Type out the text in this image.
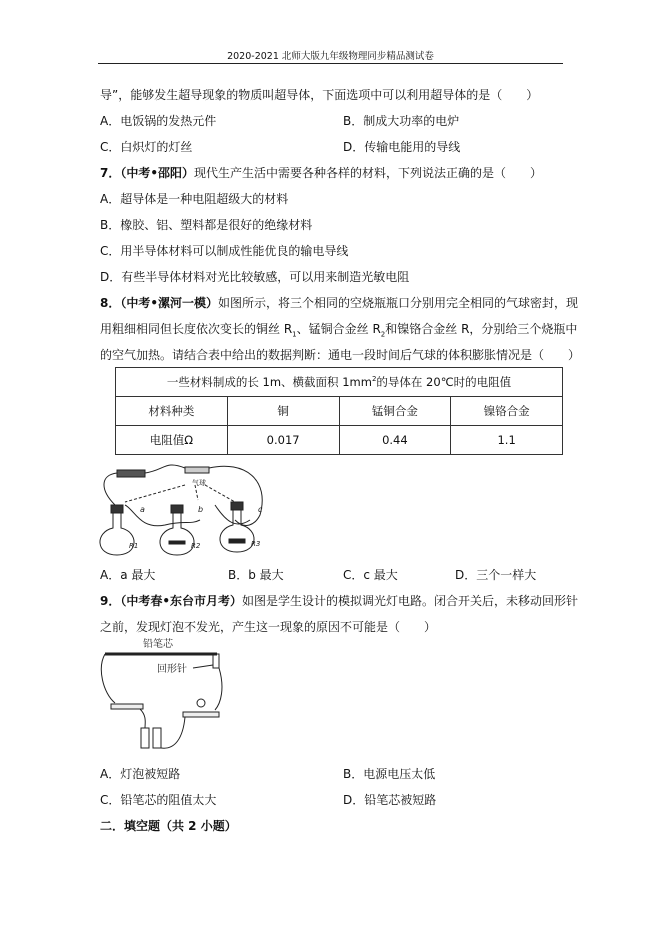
2020-2021 北师大版九年级物理同步精品测试卷
导”，能够发生超导现象的物质叫超导体，下面选项中可以利用超导体的是（　　）
A．电饭锅的发热元件	B．制成大功率的电炉
C．白炽灯的灯丝	D．传输电能用的导线
7．（中考•邵阳）现代生产生活中需要各种各样的材料，下列说法正确的是（　　）
A．超导体是一种电阻超级大的材料
B．橡胶、铝、塑料都是很好的绝缘材料
C．用半导体材料可以制成性能优良的输电导线
D．有些半导体材料对光比较敏感，可以用来制造光敏电阻
8．（中考•漯河一模）如图所示，将三个相同的空烧瓶瓶口分别用完全相同的气球密封，现
用粗细相同但长度依次变长的铜丝 $R_1$、锰铜合金丝 $R_2$和镍铬合金丝 R，分别给三个烧瓶中
的空气加热。请结合表中给出的数据判断：通电一段时间后气球的体积膨胀情况是（　　）
一些材料制成的长 1m、横截面积 $1mm^2$的导体在 20℃时的电阻值			
材料种类	铜	锰铜合金	镍铬合金
电阻值Ω	0.017	0.44	1.1
气球
a	b	c
R1	R2	R3
A．a 最大	B．b 最大	C．c 最大	D．三个一样大
9．（中考春•东台市月考）如图是学生设计的模拟调光灯电路。闭合开关后，未移动回形针
之前，发现灯泡不发光，产生这一现象的原因不可能是（　　）
铅笔芯
回形针
A．灯泡被短路	B．电源电压太低
C．铅笔芯的阻值太大	D．铅笔芯被短路
二．填空题（共 2 小题）
